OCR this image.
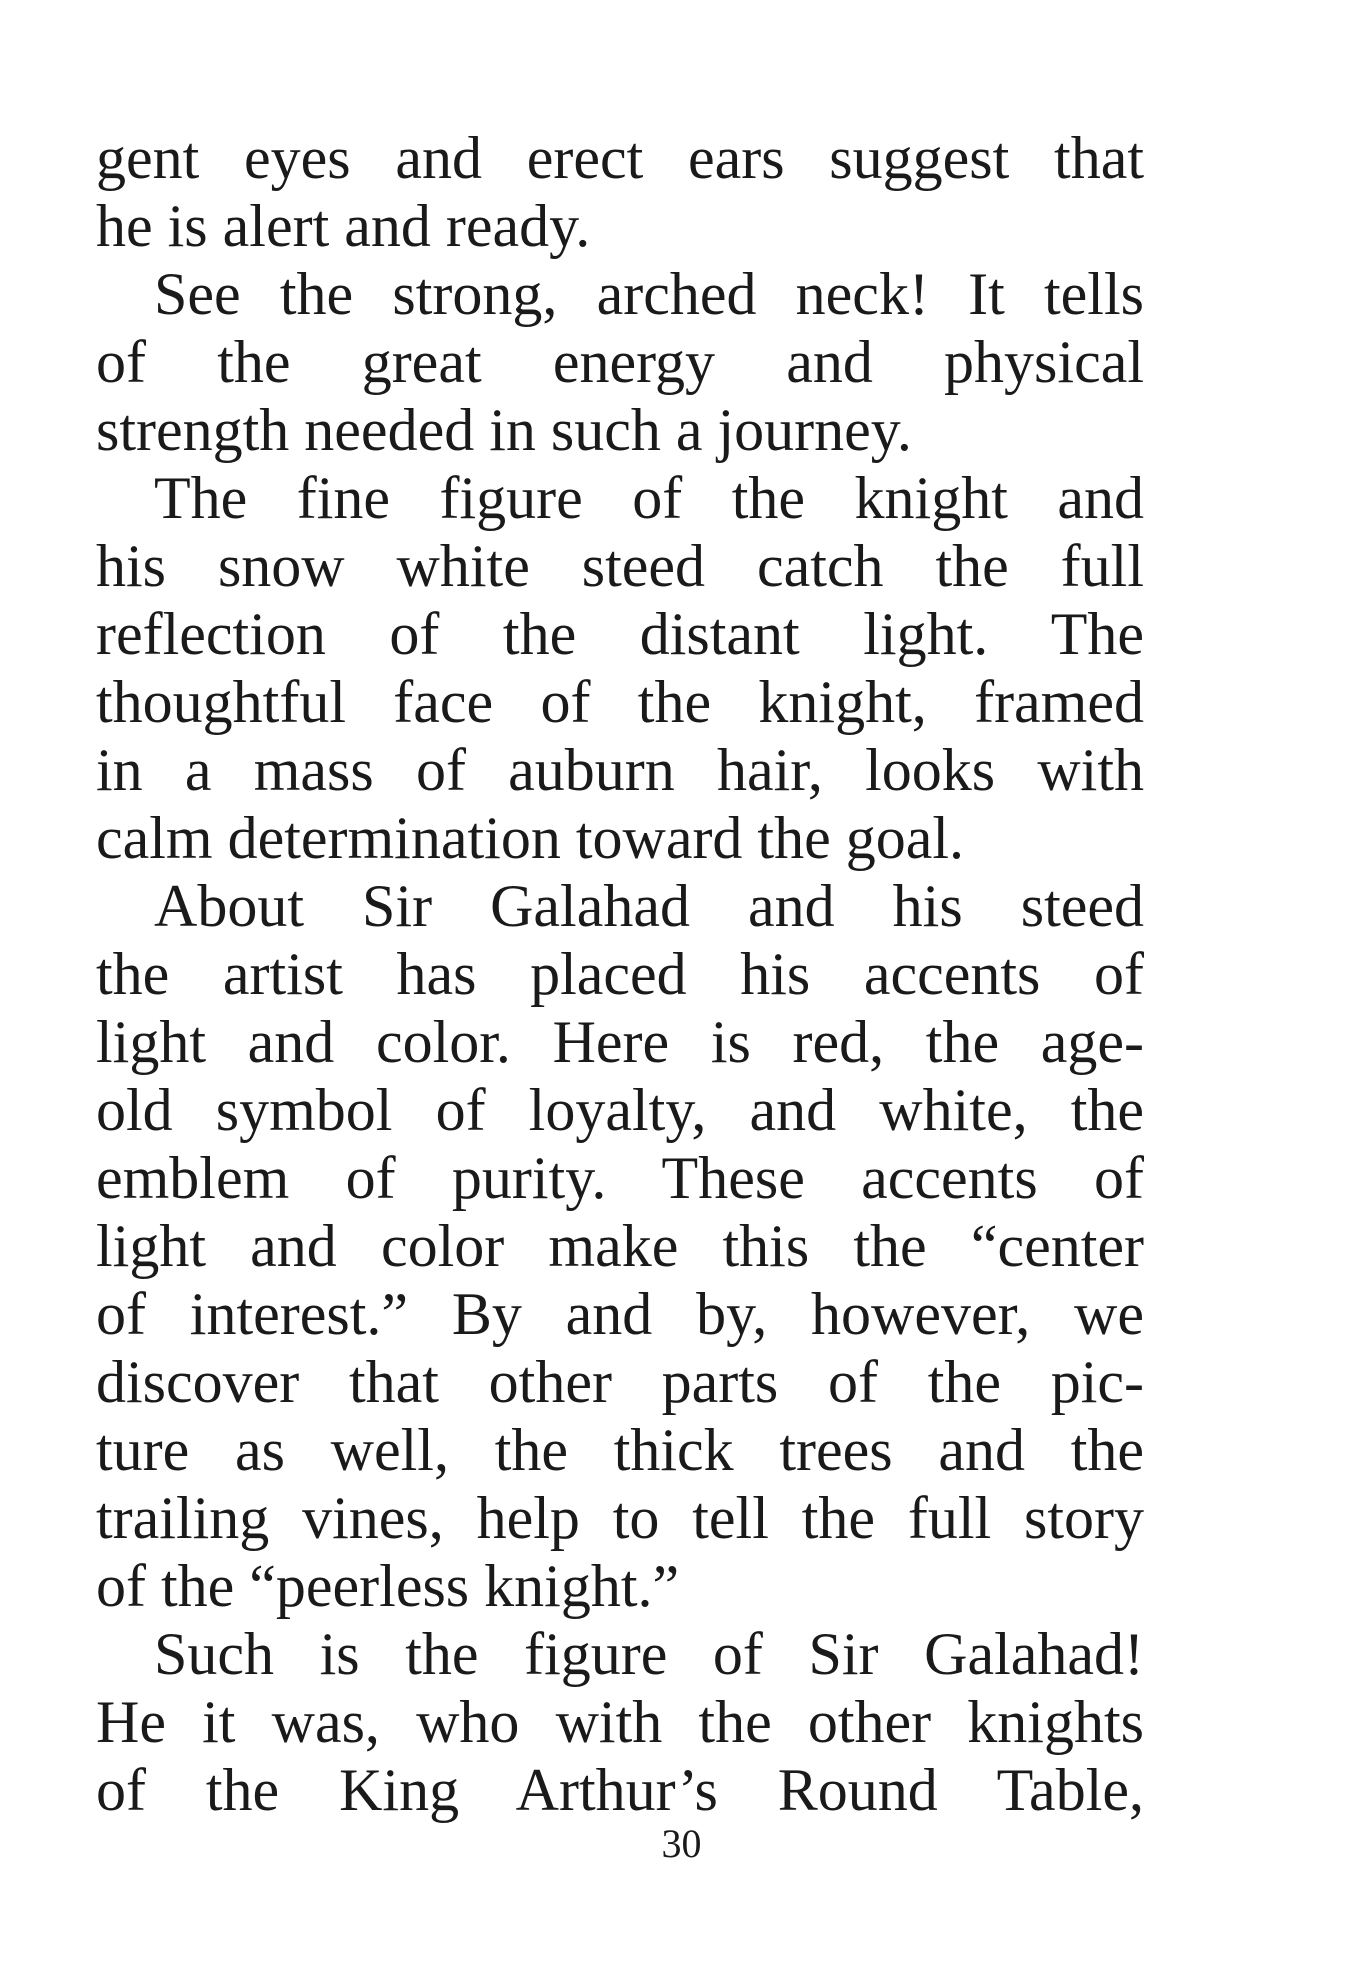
gent eyes and erect ears suggest that
he is alert and ready.
See the strong, arched neck! It tells
of the great energy and physical
strength needed in such a journey.
The fine figure of the knight and
his snow white steed catch the full
reflection of the distant light. The
thoughtful face of the knight, framed
in a mass of auburn hair, looks with
calm determination toward the goal.
About Sir Galahad and his steed
the artist has placed his accents of
light and color. Here is red, the age-
old symbol of loyalty, and white, the
emblem of purity. These accents of
light and color make this the “center
of interest.” By and by, however, we
discover that other parts of the pic-
ture as well, the thick trees and the
trailing vines, help to tell the full story
of the “peerless knight.”
Such is the figure of Sir Galahad!
He it was, who with the other knights
of the King Arthur’s Round Table,
30
